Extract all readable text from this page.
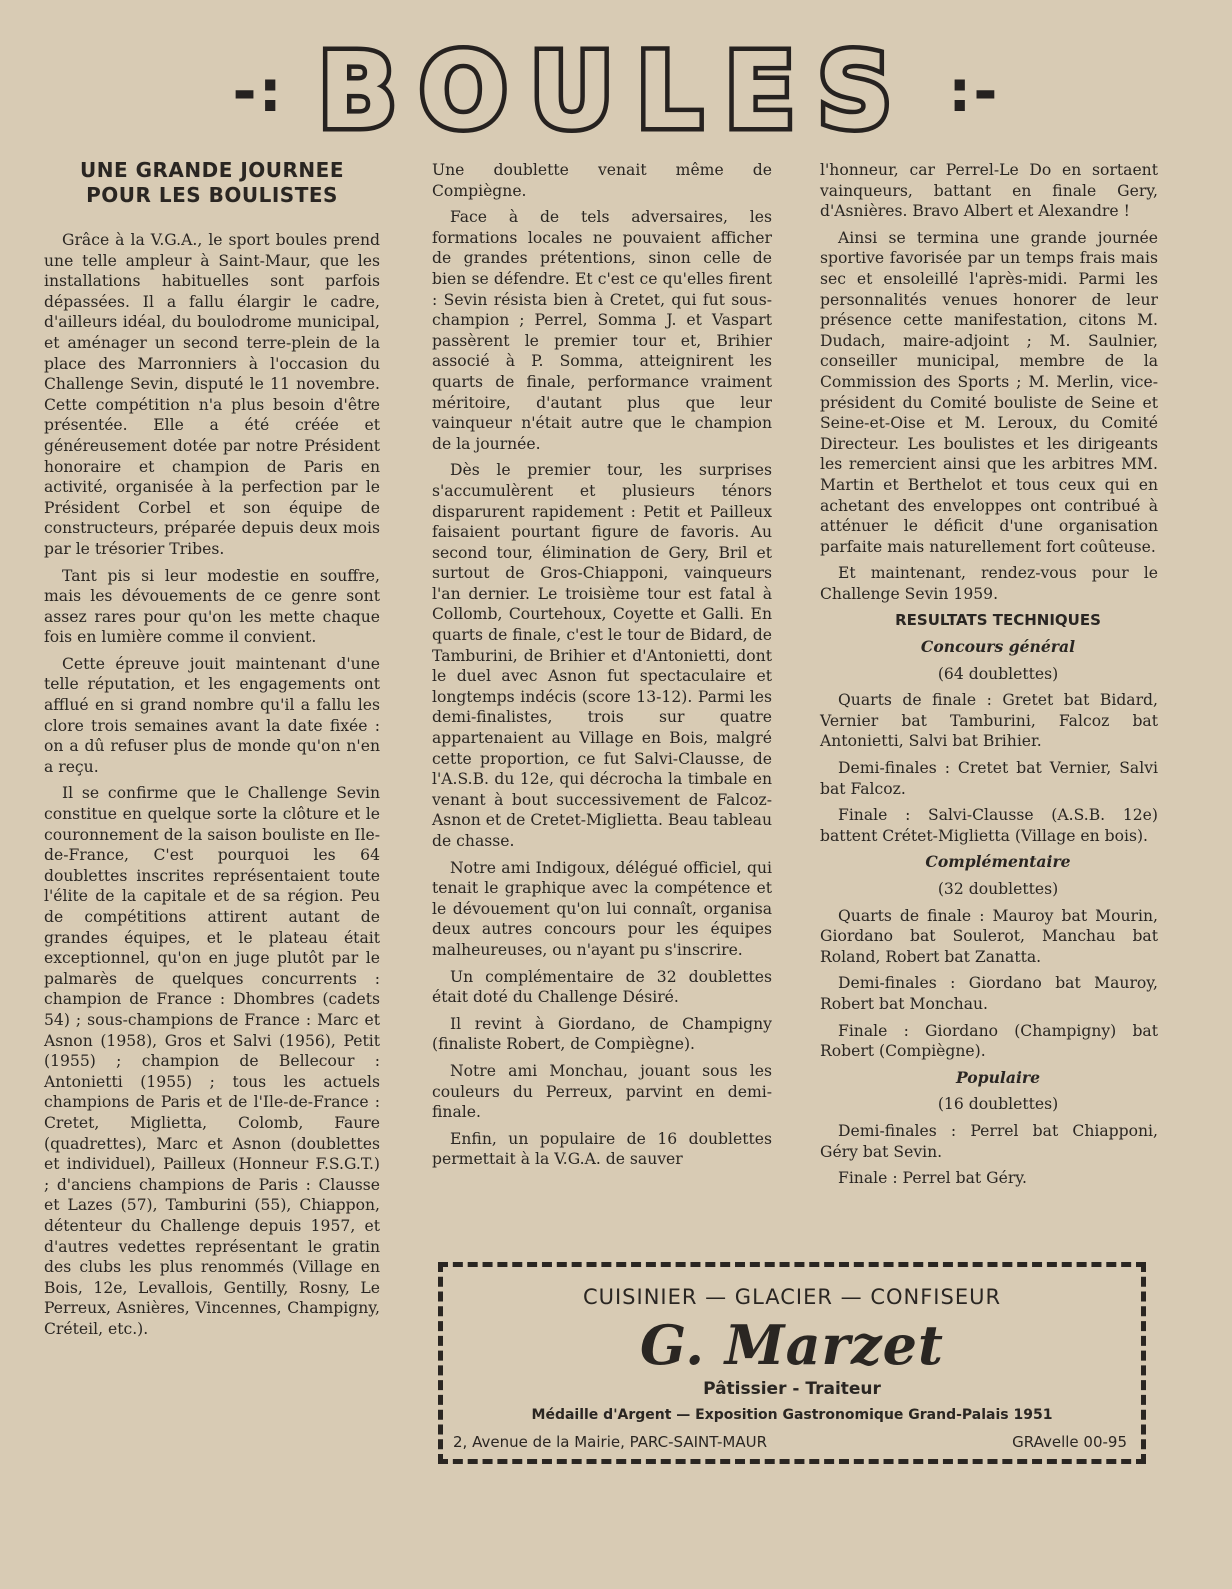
-: BOULES :-
UNE GRANDE JOURNEE
POUR LES BOULISTES

Grâce à la V.G.A., le sport boules prend une telle ampleur à Saint-Maur, que les installations habituelles sont parfois dépassées. Il a fallu élargir le cadre, d'ailleurs idéal, du boulodrome municipal, et aménager un second terre-plein de la place des Marronniers à l'occasion du Challenge Sevin, disputé le 11 novembre. Cette compétition n'a plus besoin d'être présentée. Elle a été créée et généreusement dotée par notre Président honoraire et champion de Paris en activité, organisée à la perfection par le Président Corbel et son équipe de constructeurs, préparée depuis deux mois par le trésorier Tribes.

Tant pis si leur modestie en souffre, mais les dévouements de ce genre sont assez rares pour qu'on les mette chaque fois en lumière comme il convient.

Cette épreuve jouit maintenant d'une telle réputation, et les engagements ont afflué en si grand nombre qu'il a fallu les clore trois semaines avant la date fixée : on a dû refuser plus de monde qu'on n'en a reçu.

Il se confirme que le Challenge Sevin constitue en quelque sorte la clôture et le couronnement de la saison bouliste en Ile-de-France, C'est pourquoi les 64 doublettes inscrites représentaient toute l'élite de la capitale et de sa région. Peu de compétitions attirent autant de grandes équipes, et le plateau était exceptionnel, qu'on en juge plutôt par le palmarès de quelques concurrents : champion de France : Dhombres (cadets 54) ; sous-champions de France : Marc et Asnon (1958), Gros et Salvi (1956), Petit (1955) ; champion de Bellecour : Antonietti (1955) ; tous les actuels champions de Paris et de l'Ile-de-France : Cretet, Miglietta, Colomb, Faure (quadrettes), Marc et Asnon (doublettes et individuel), Pailleux (Honneur F.S.G.T.) ; d'anciens champions de Paris : Clausse et Lazes (57), Tamburini (55), Chiappon, détenteur du Challenge depuis 1957, et d'autres vedettes représentant le gratin des clubs les plus renommés (Village en Bois, 12e, Levallois, Gentilly, Rosny, Le Perreux, Asnières, Vincennes, Champigny, Créteil, etc.).

Une doublette venait même de Compiègne.

Face à de tels adversaires, les formations locales ne pouvaient afficher de grandes prétentions, sinon celle de bien se défendre. Et c'est ce qu'elles firent : Sevin résista bien à Cretet, qui fut sous-champion ; Perrel, Somma J. et Vaspart passèrent le premier tour et, Brihier associé à P. Somma, atteignirent les quarts de finale, performance vraiment méritoire, d'autant plus que leur vainqueur n'était autre que le champion de la journée.

Dès le premier tour, les surprises s'accumulèrent et plusieurs ténors disparurent rapidement : Petit et Pailleux faisaient pourtant figure de favoris. Au second tour, élimination de Gery, Bril et surtout de Gros-Chiapponi, vainqueurs l'an dernier. Le troisième tour est fatal à Collomb, Courtehoux, Coyette et Galli. En quarts de finale, c'est le tour de Bidard, de Tamburini, de Brihier et d'Antonietti, dont le duel avec Asnon fut spectaculaire et longtemps indécis (score 13-12). Parmi les demi-finalistes, trois sur quatre appartenaient au Village en Bois, malgré cette proportion, ce fut Salvi-Clausse, de l'A.S.B. du 12e, qui décrocha la timbale en venant à bout successivement de Falcoz-Asnon et de Cretet-Miglietta. Beau tableau de chasse.

Notre ami Indigoux, délégué officiel, qui tenait le graphique avec la compétence et le dévouement qu'on lui connaît, organisa deux autres concours pour les équipes malheureuses, ou n'ayant pu s'inscrire.

Un complémentaire de 32 doublettes était doté du Challenge Désiré.

Il revint à Giordano, de Champigny (finaliste Robert, de Compiègne).

Notre ami Monchau, jouant sous les couleurs du Perreux, parvint en demi-finale.

Enfin, un populaire de 16 doublettes permettait à la V.G.A. de sauver

l'honneur, car Perrel-Le Do en sortaent vainqueurs, battant en finale Gery, d'Asnières. Bravo Albert et Alexandre !

Ainsi se termina une grande journée sportive favorisée par un temps frais mais sec et ensoleillé l'après-midi. Parmi les personnalités venues honorer de leur présence cette manifestation, citons M. Dudach, maire-adjoint ; M. Saulnier, conseiller municipal, membre de la Commission des Sports ; M. Merlin, vice-président du Comité bouliste de Seine et Seine-et-Oise et M. Leroux, du Comité Directeur. Les boulistes et les dirigeants les remercient ainsi que les arbitres MM. Martin et Berthelot et tous ceux qui en achetant des enveloppes ont contribué à atténuer le déficit d'une organisation parfaite mais naturellement fort coûteuse.

Et maintenant, rendez-vous pour le Challenge Sevin 1959.

RESULTATS TECHNIQUES

Concours général

(64 doublettes)

Quarts de finale : Gretet bat Bidard, Vernier bat Tamburini, Falcoz bat Antonietti, Salvi bat Brihier.

Demi-finales : Cretet bat Vernier, Salvi bat Falcoz.

Finale : Salvi-Clausse (A.S.B. 12e) battent Crétet-Miglietta (Village en bois).

Complémentaire

(32 doublettes)

Quarts de finale : Mauroy bat Mourin, Giordano bat Soulerot, Manchau bat Roland, Robert bat Zanatta.

Demi-finales : Giordano bat Mauroy, Robert bat Monchau.

Finale : Giordano (Champigny) bat Robert (Compiègne).

Populaire

(16 doublettes)

Demi-finales : Perrel bat Chiapponi, Géry bat Sevin.

Finale : Perrel bat Géry.

CUISINIER — GLACIER — CONFISEUR
G. Marzet
Pâtissier - Traiteur
Médaille d'Argent — Exposition Gastronomique Grand-Palais 1951
2, Avenue de la Mairie, PARC-SAINT-MAUR	GRAvelle 00-95
